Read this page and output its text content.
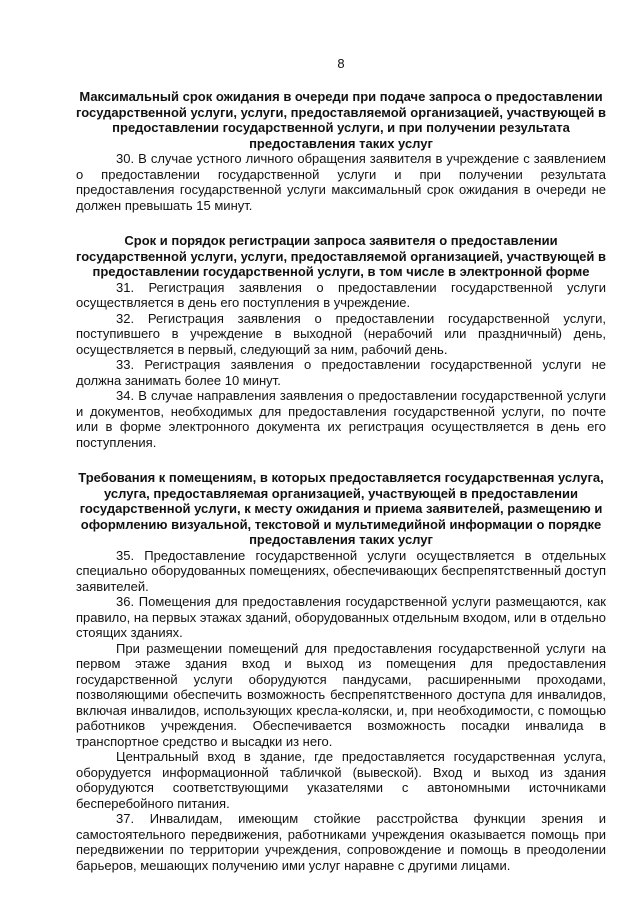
8

Максимальный срок ожидания в очереди при подаче запроса о предоставлении государственной услуги, услуги, предоставляемой организацией, участвующей в предоставлении государственной услуги, и при получении результата предоставления таких услуг

30. В случае устного личного обращения заявителя в учреждение с заявлением о предоставлении государственной услуги и при получении результата предоставления государственной услуги максимальный срок ожидания в очереди не должен превышать 15 минут.

Срок и порядок регистрации запроса заявителя о предоставлении государственной услуги, услуги, предоставляемой организацией, участвующей в предоставлении государственной услуги, в том числе в электронной форме

31. Регистрация заявления о предоставлении государственной услуги осуществляется в день его поступления в учреждение.

32. Регистрация заявления о предоставлении государственной услуги, поступившего в учреждение в выходной (нерабочий или праздничный) день, осуществляется в первый, следующий за ним, рабочий день.

33. Регистрация заявления о предоставлении государственной услуги не должна занимать более 10 минут.

34. В случае направления заявления о предоставлении государственной услуги и документов, необходимых для предоставления государственной услуги, по почте или в форме электронного документа их регистрация осуществляется в день его поступления.

Требования к помещениям, в которых предоставляется государственная услуга, услуга, предоставляемая организацией, участвующей в предоставлении государственной услуги, к месту ожидания и приема заявителей, размещению и оформлению визуальной, текстовой и мультимедийной информации о порядке предоставления таких услуг

35. Предоставление государственной услуги осуществляется в отдельных специально оборудованных помещениях, обеспечивающих беспрепятственный доступ заявителей.

36. Помещения для предоставления государственной услуги размещаются, как правило, на первых этажах зданий, оборудованных отдельным входом, или в отдельно стоящих зданиях.

При размещении помещений для предоставления государственной услуги на первом этаже здания вход и выход из помещения для предоставления государственной услуги оборудуются пандусами, расширенными проходами, позволяющими обеспечить возможность беспрепятственного доступа для инвалидов, включая инвалидов, использующих кресла-коляски, и, при необходимости, с помощью работников учреждения. Обеспечивается возможность посадки инвалида в транспортное средство и высадки из него.

Центральный вход в здание, где предоставляется государственная услуга, оборудуется информационной табличкой (вывеской). Вход и выход из здания оборудуются соответствующими указателями с автономными источниками бесперебойного питания.

37. Инвалидам, имеющим стойкие расстройства функции зрения и самостоятельного передвижения, работниками учреждения оказывается помощь при передвижении по территории учреждения, сопровождение и помощь в преодолении барьеров, мешающих получению ими услуг наравне с другими лицами.
